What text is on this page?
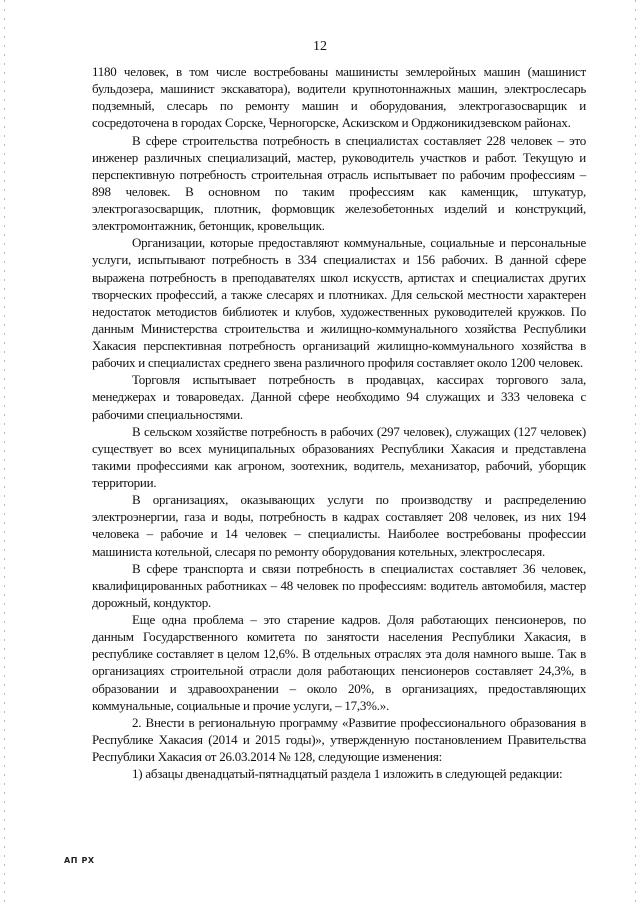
12

1180 человек, в том числе востребованы машинисты землеройных машин (машинист бульдозера, машинист экскаватора), водители крупнотоннажных машин, электрослесарь подземный, слесарь по ремонту машин и оборудования, электрогазосварщик и сосредоточена в городах Сорске, Черногорске, Аскизском и Орджоникидзевском районах.

В сфере строительства потребность в специалистах составляет 228 человек – это инженер различных специализаций, мастер, руководитель участков и работ. Текущую и перспективную потребность строительная отрасль испытывает по рабочим профессиям – 898 человек. В основном по таким профессиям как каменщик, штукатур, электрогазосварщик, плотник, формовщик железобетонных изделий и конструкций, электромонтажник, бетонщик, кровельщик.

Организации, которые предоставляют коммунальные, социальные и персональные услуги, испытывают потребность в 334 специалистах и 156 рабочих. В данной сфере выражена потребность в преподавателях школ искусств, артистах и специалистах других творческих профессий, а также слесарях и плотниках. Для сельской местности характерен недостаток методистов библиотек и клубов, художественных руководителей кружков. По данным Министерства строительства и жилищно-коммунального хозяйства Республики Хакасия перспективная потребность организаций жилищно-коммунального хозяйства в рабочих и специалистах среднего звена различного профиля составляет около 1200 человек.

Торговля испытывает потребность в продавцах, кассирах торгового зала, менеджерах и товароведах. Данной сфере необходимо 94 служащих и 333 человека с рабочими специальностями.

В сельском хозяйстве потребность в рабочих (297 человек), служащих (127 человек) существует во всех муниципальных образованиях Республики Хакасия и представлена такими профессиями как агроном, зоотехник, водитель, механизатор, рабочий, уборщик территории.

В организациях, оказывающих услуги по производству и распределению электроэнергии, газа и воды, потребность в кадрах составляет 208 человек, из них 194 человека – рабочие и 14 человек – специалисты. Наиболее востребованы профессии машиниста котельной, слесаря по ремонту оборудования котельных, электрослесаря.

В сфере транспорта и связи потребность в специалистах составляет 36 человек, квалифицированных работниках – 48 человек по профессиям: водитель автомобиля, мастер дорожный, кондуктор.

Еще одна проблема – это старение кадров. Доля работающих пенсионеров, по данным Государственного комитета по занятости населения Республики Хакасия, в республике составляет в целом 12,6%. В отдельных отраслях эта доля намного выше. Так в организациях строительной отрасли доля работающих пенсионеров составляет 24,3%, в образовании и здравоохранении – около 20%, в организациях, предоставляющих коммунальные, социальные и прочие услуги, – 17,3%.».

2. Внести в региональную программу «Развитие профессионального образования в Республике Хакасия (2014 и 2015 годы)», утвержденную постановлением Правительства Республики Хакасия от 26.03.2014 № 128, следующие изменения:

1) абзацы двенадцатый-пятнадцатый раздела 1 изложить в следующей редакции:

АП РХ
